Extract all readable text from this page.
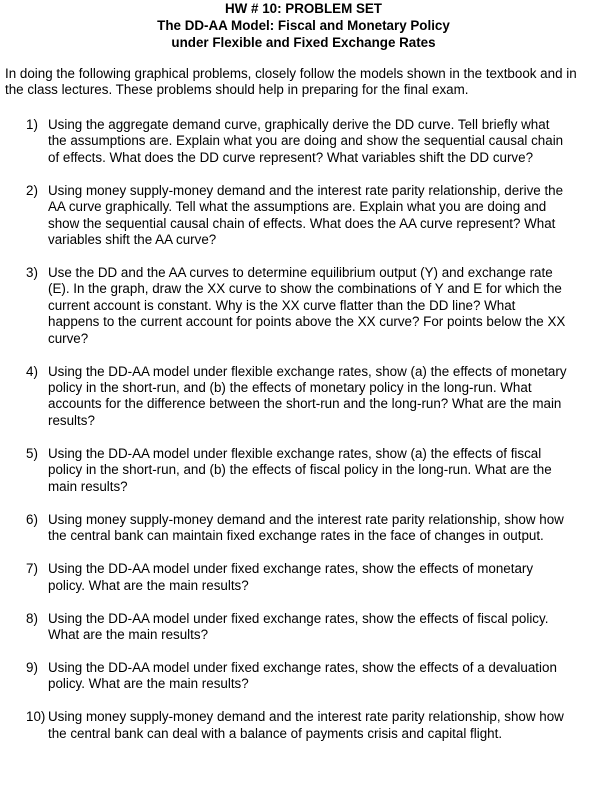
HW # 10: PROBLEM SET
The DD-AA Model: Fiscal and Monetary Policy
under Flexible and Fixed Exchange Rates
In doing the following graphical problems, closely follow the models shown in the textbook and in the class lectures. These problems should help in preparing for the final exam.
1) Using the aggregate demand curve, graphically derive the DD curve. Tell briefly what the assumptions are. Explain what you are doing and show the sequential causal chain of effects. What does the DD curve represent? What variables shift the DD curve?
2) Using money supply-money demand and the interest rate parity relationship, derive the AA curve graphically. Tell what the assumptions are. Explain what you are doing and show the sequential causal chain of effects. What does the AA curve represent? What variables shift the AA curve?
3) Use the DD and the AA curves to determine equilibrium output (Y) and exchange rate (E). In the graph, draw the XX curve to show the combinations of Y and E for which the current account is constant. Why is the XX curve flatter than the DD line? What happens to the current account for points above the XX curve? For points below the XX curve?
4) Using the DD-AA model under flexible exchange rates, show (a) the effects of monetary policy in the short-run, and (b) the effects of monetary policy in the long-run. What accounts for the difference between the short-run and the long-run? What are the main results?
5) Using the DD-AA model under flexible exchange rates, show (a) the effects of fiscal policy in the short-run, and (b) the effects of fiscal policy in the long-run. What are the main results?
6) Using money supply-money demand and the interest rate parity relationship, show how the central bank can maintain fixed exchange rates in the face of changes in output.
7) Using the DD-AA model under fixed exchange rates, show the effects of monetary policy. What are the main results?
8) Using the DD-AA model under fixed exchange rates, show the effects of fiscal policy. What are the main results?
9) Using the DD-AA model under fixed exchange rates, show the effects of a devaluation policy. What are the main results?
10) Using money supply-money demand and the interest rate parity relationship, show how the central bank can deal with a balance of payments crisis and capital flight.
